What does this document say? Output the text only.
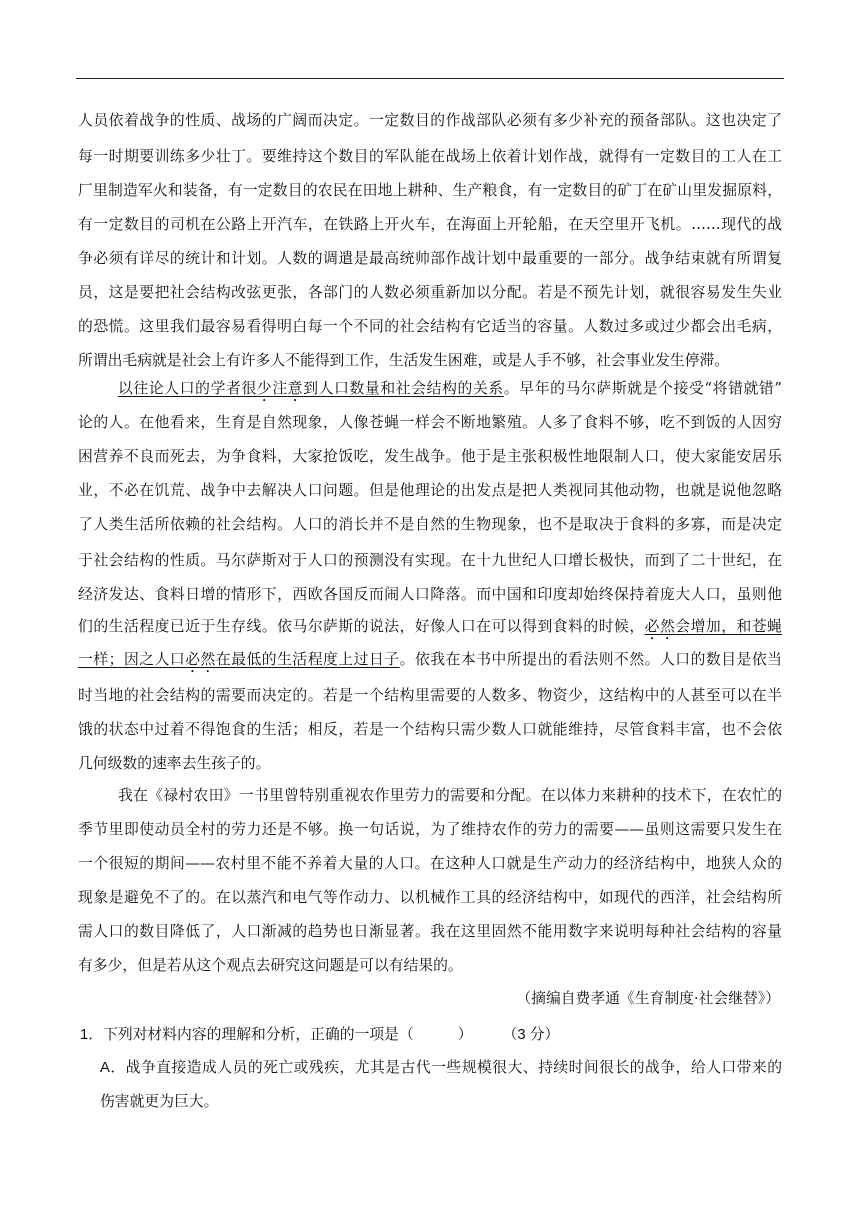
人员依着战争的性质、战场的广阔而决定。一定数目的作战部队必须有多少补充的预备部队。这也决定了
每一时期要训练多少壮丁。要维持这个数目的军队能在战场上依着计划作战，就得有一定数目的工人在工
厂里制造军火和装备，有一定数目的农民在田地上耕种、生产粮食，有一定数目的矿丁在矿山里发掘原料，
有一定数目的司机在公路上开汽车，在铁路上开火车，在海面上开轮船，在天空里开飞机。……现代的战
争必须有详尽的统计和计划。人数的调遣是最高统帅部作战计划中最重要的一部分。战争结束就有所谓复
员，这是要把社会结构改弦更张，各部门的人数必须重新加以分配。若是不预先计划，就很容易发生失业
的恐慌。这里我们最容易看得明白每一个不同的社会结构有它适当的容量。人数过多或过少都会出毛病，
所谓出毛病就是社会上有许多人不能得到工作，生活发生困难，或是人手不够，社会事业发生停滞。
以往论人口的学者很少注意到人口数量和社会结构的关系。早年的马尔萨斯就是个接受“将错就错”
论的人。在他看来，生育是自然现象，人像苍蝇一样会不断地繁殖。人多了食料不够，吃不到饭的人因穷
困营养不良而死去，为争食料，大家抢饭吃，发生战争。他于是主张积极性地限制人口，使大家能安居乐
业，不必在饥荒、战争中去解决人口问题。但是他理论的出发点是把人类视同其他动物，也就是说他忽略
了人类生活所依赖的社会结构。人口的消长并不是自然的生物现象，也不是取决于食料的多寡，而是决定
于社会结构的性质。马尔萨斯对于人口的预测没有实现。在十九世纪人口增长极快，而到了二十世纪，在
经济发达、食料日增的情形下，西欧各国反而闹人口降落。而中国和印度却始终保持着庞大人口，虽则他
们的生活程度已近于生存线。依马尔萨斯的说法，好像人口在可以得到食料的时候，必然会增加，和苍蝇
一样；因之人口必然在最低的生活程度上过日子。依我在本书中所提出的看法则不然。人口的数目是依当
时当地的社会结构的需要而决定的。若是一个结构里需要的人数多、物资少，这结构中的人甚至可以在半
饿的状态中过着不得饱食的生活；相反，若是一个结构只需少数人口就能维持，尽管食料丰富，也不会依
几何级数的速率去生孩子的。
我在《禄村农田》一书里曾特别重视农作里劳力的需要和分配。在以体力来耕种的技术下，在农忙的
季节里即使动员全村的劳力还是不够。换一句话说，为了维持农作的劳力的需要——虽则这需要只发生在
一个很短的期间——农村里不能不养着大量的人口。在这种人口就是生产动力的经济结构中，地狭人众的
现象是避免不了的。在以蒸汽和电气等作动力、以机械作工具的经济结构中，如现代的西洋，社会结构所
需人口的数目降低了，人口渐减的趋势也日渐显著。我在这里固然不能用数字来说明每种社会结构的容量
有多少，但是若从这个观点去研究这问题是可以有结果的。
（摘编自费孝通《生育制度·社会继替》）
1．下列对材料内容的理解和分析，正确的一项是（	） （3 分）
A．战争直接造成人员的死亡或残疾，尤其是古代一些规模很大、持续时间很长的战争，给人口带来的
伤害就更为巨大。
